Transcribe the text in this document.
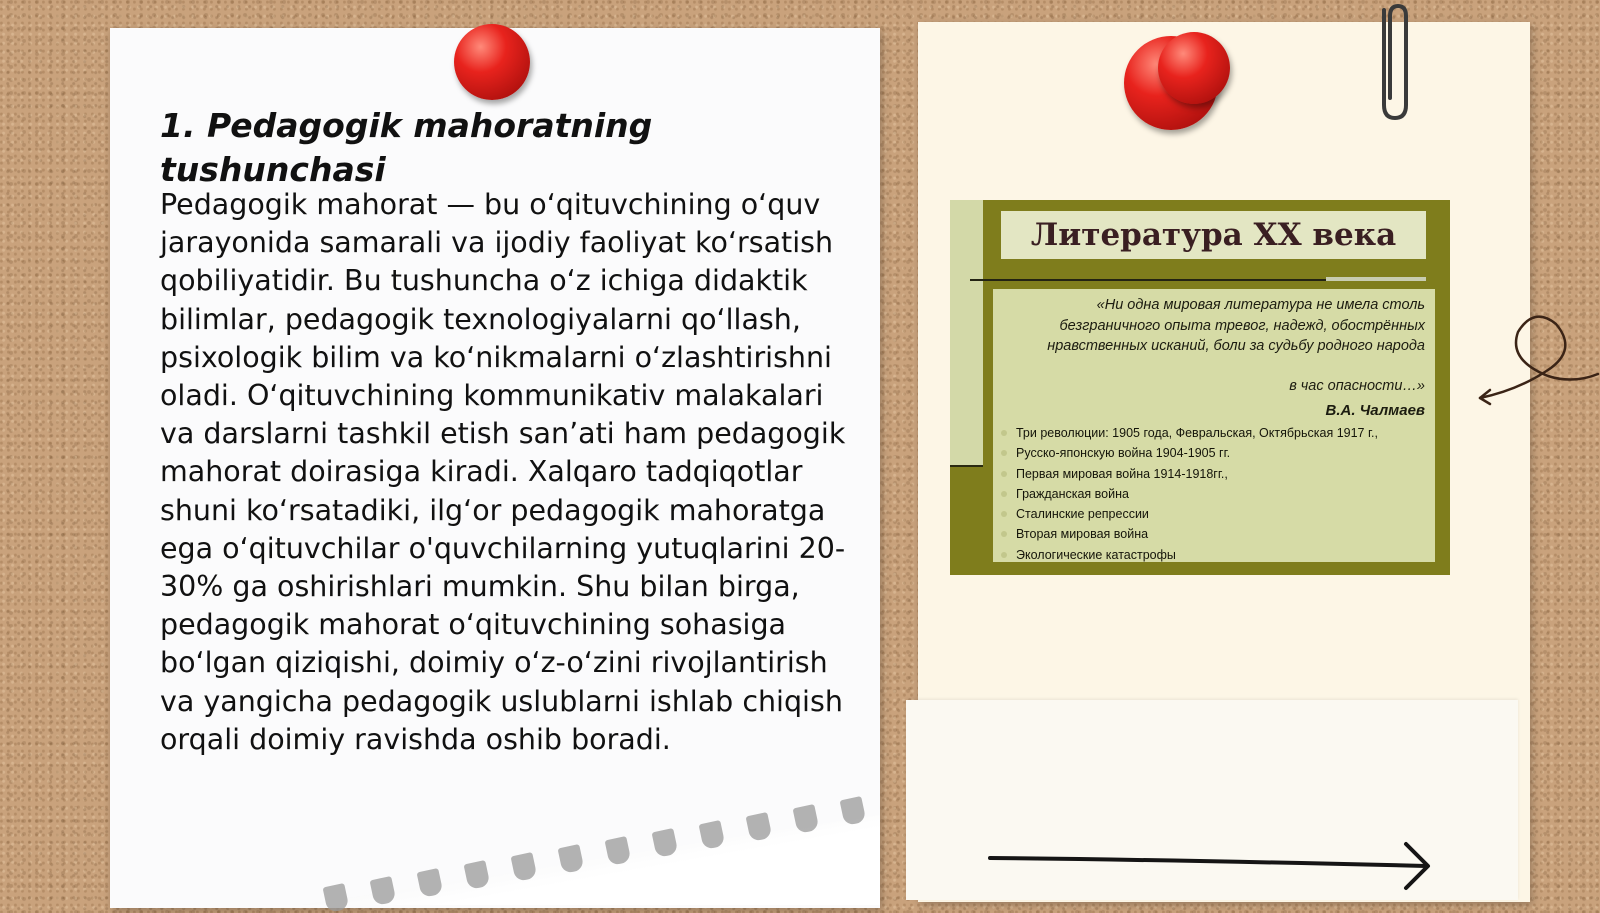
1. Pedagogik mahoratning tushunchasi

Pedagogik mahorat — bu oʻqituvchining oʻquv jarayonida samarali va ijodiy faoliyat koʻrsatish qobiliyatidir. Bu tushuncha oʻz ichiga didaktik bilimlar, pedagogik texnologiyalarni qoʻllash, psixologik bilim va koʻnikmalarni oʻzlashtirishni oladi. Oʻqituvchining kommunikativ malakalari va darslarni tashkil etish sanʼati ham pedagogik mahorat doirasiga kiradi. Xalqaro tadqiqotlar shuni koʻrsatadiki, ilgʻor pedagogik mahoratga ega oʻqituvchilar o'quvchilarning yutuqlarini 20-30% ga oshirishlari mumkin. Shu bilan birga, pedagogik mahorat oʻqituvchining sohasiga boʻlgan qiziqishi, doimiy oʻz-oʻzini rivojlantirish va yangicha pedagogik uslublarni ishlab chiqish orqali doimiy ravishda oshib boradi.

Литература XX века

«Ни одна мировая литература не имела столь безграничного опыта тревог, надежд, обострённых нравственных исканий, боли за судьбу родного народа

в час опасности…»

В.А. Чалмаев

Три революции: 1905 года, Февральская, Октябрьская 1917 г.,
Русско-японскую война 1904-1905 гг.
Первая мировая война 1914-1918гг.,
Гражданская война
Сталинские репрессии
Вторая мировая война
Экологические катастрофы
